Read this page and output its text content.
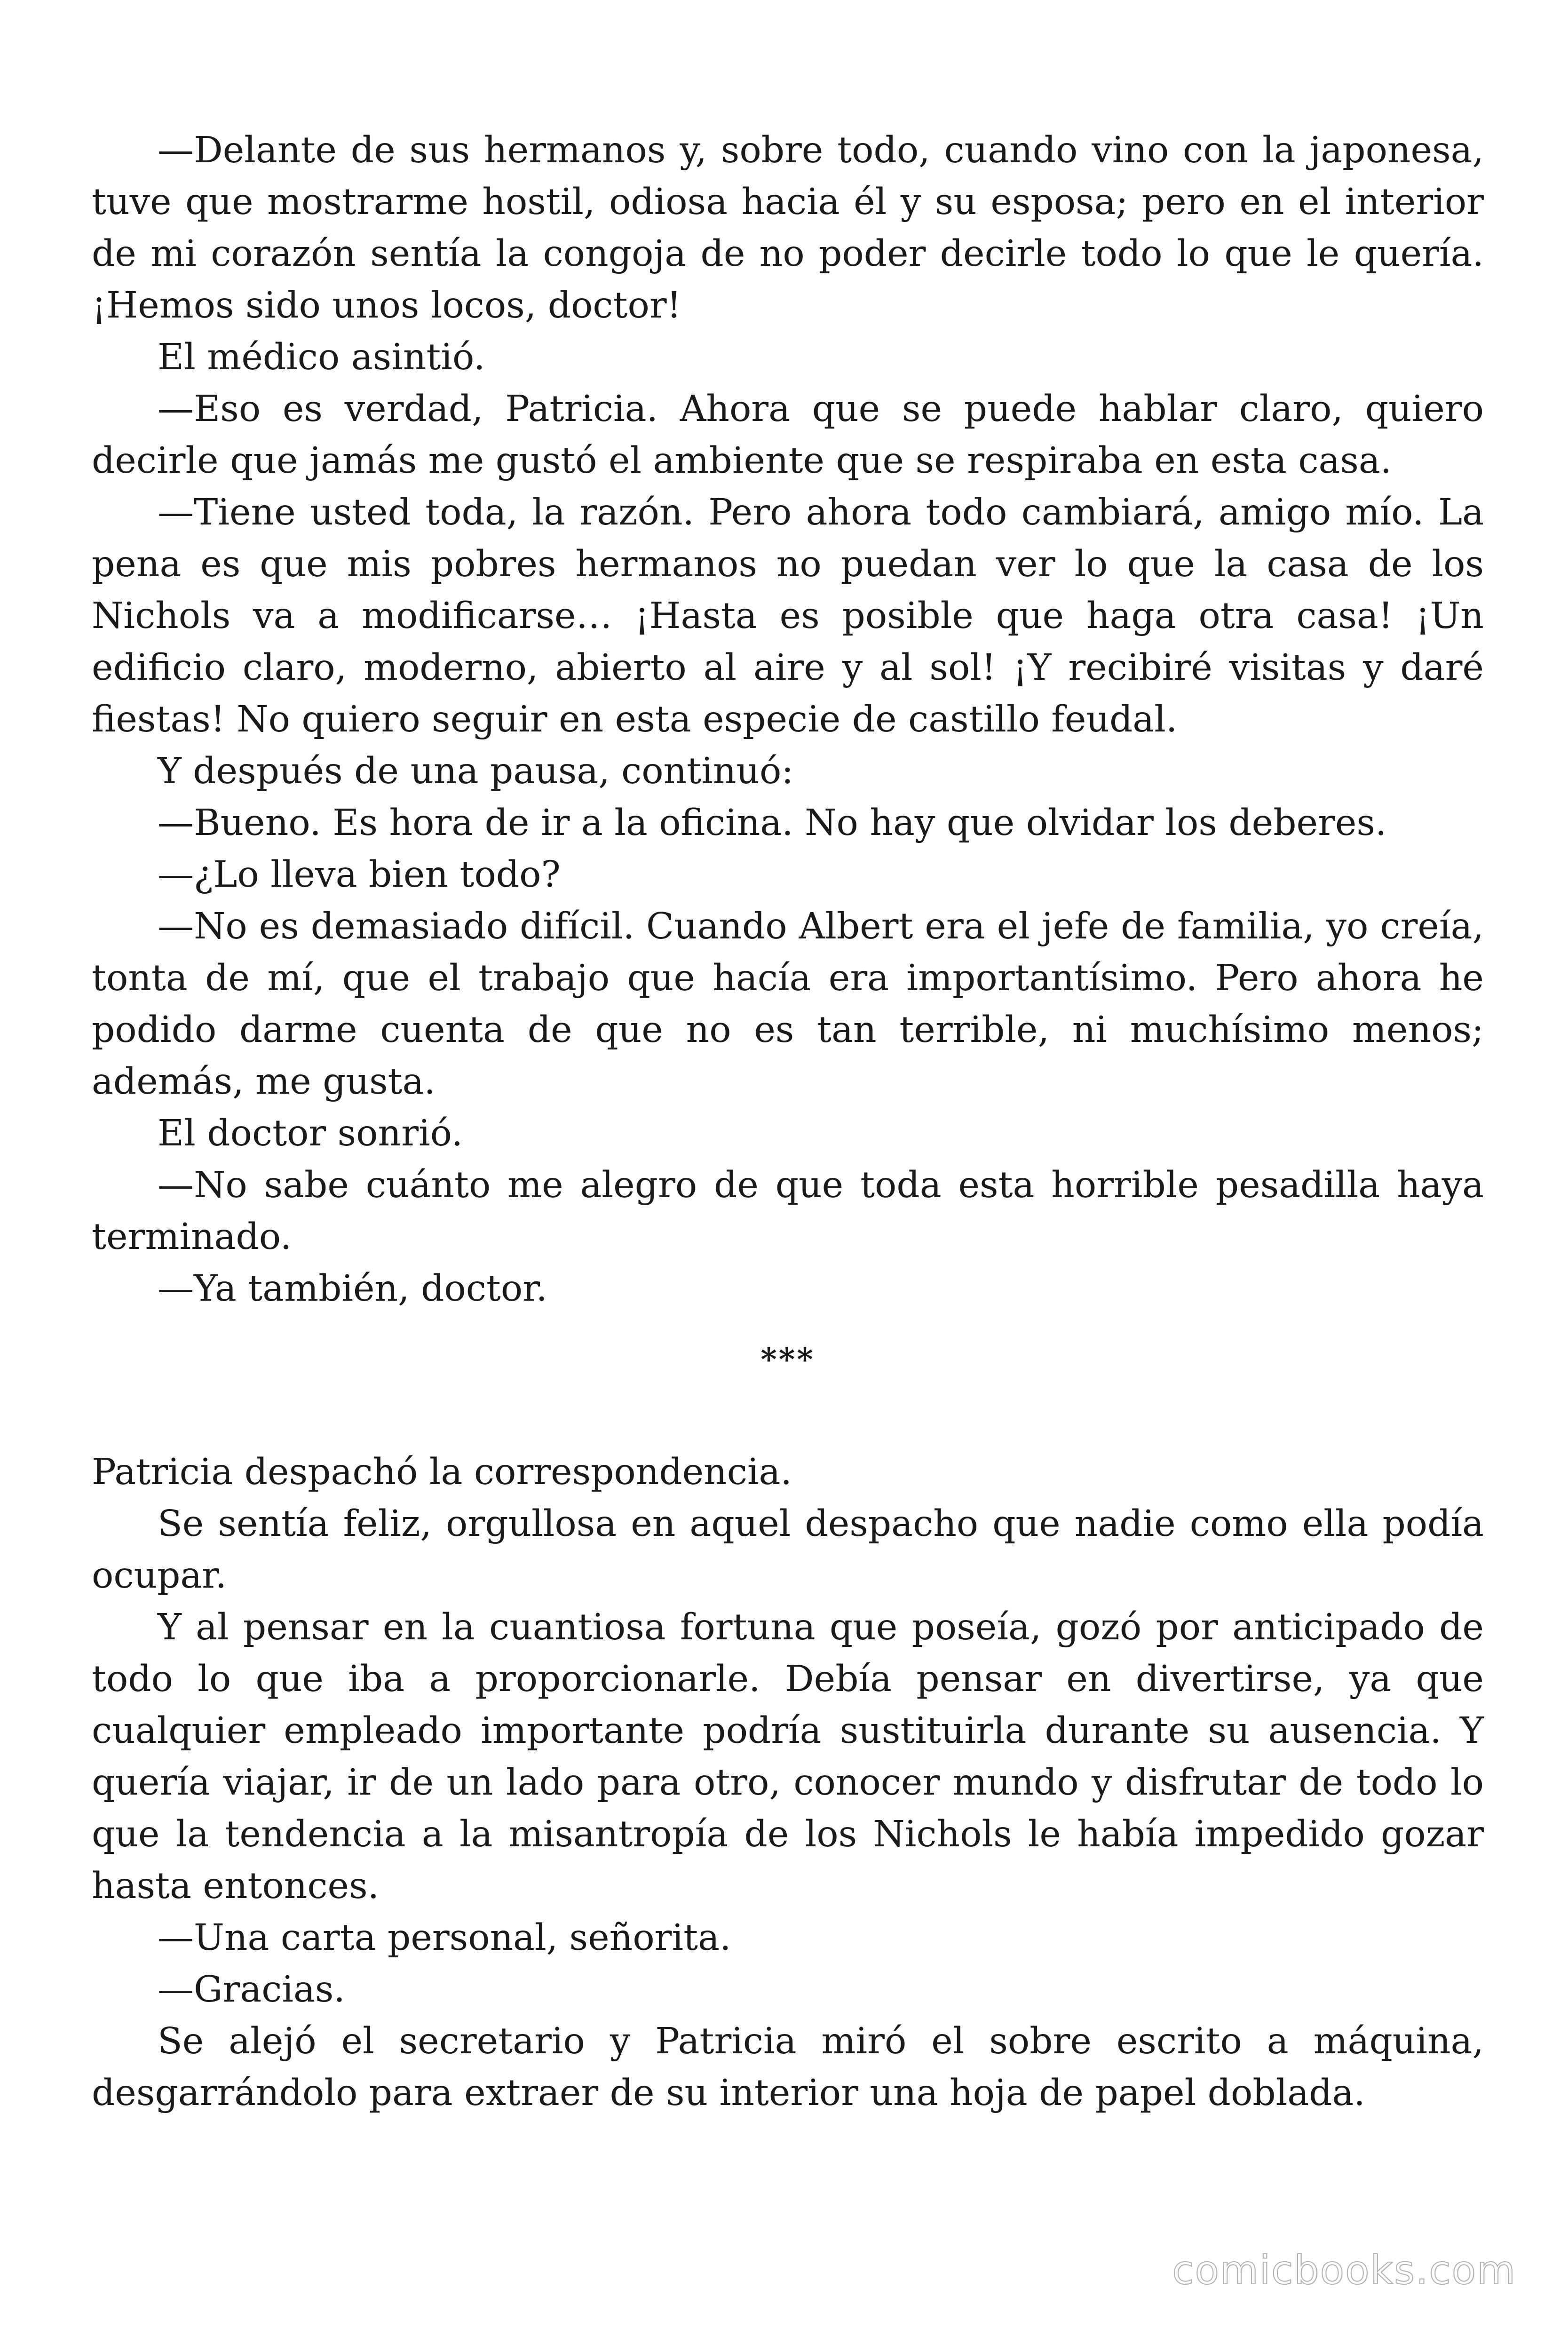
—Delante de sus hermanos y, sobre todo, cuando vino con la japonesa, tuve que mostrarme hostil, odiosa hacia él y su esposa; pero en el interior de mi corazón sentía la congoja de no poder decirle todo lo que le quería. ¡Hemos sido unos locos, doctor!

El médico asintió.

—Eso es verdad, Patricia. Ahora que se puede hablar claro, quiero decirle que jamás me gustó el ambiente que se respiraba en esta casa.

—Tiene usted toda, la razón. Pero ahora todo cambiará, amigo mío. La pena es que mis pobres hermanos no puedan ver lo que la casa de los Nichols va a modificarse… ¡Hasta es posible que haga otra casa! ¡Un edificio claro, moderno, abierto al aire y al sol! ¡Y recibiré visitas y daré fiestas! No quiero seguir en esta especie de castillo feudal.

Y después de una pausa, continuó:

—Bueno. Es hora de ir a la oficina. No hay que olvidar los deberes.

—¿Lo lleva bien todo?

—No es demasiado difícil. Cuando Albert era el jefe de familia, yo creía, tonta de mí, que el trabajo que hacía era importantísimo. Pero ahora he podido darme cuenta de que no es tan terrible, ni muchísimo menos; además, me gusta.

El doctor sonrió.

—No sabe cuánto me alegro de que toda esta horrible pesadilla haya terminado.

—Ya también, doctor.

***

Patricia despachó la correspondencia.

Se sentía feliz, orgullosa en aquel despacho que nadie como ella podía ocupar.

Y al pensar en la cuantiosa fortuna que poseía, gozó por anticipado de todo lo que iba a proporcionarle. Debía pensar en divertirse, ya que cualquier empleado importante podría sustituirla durante su ausencia. Y quería viajar, ir de un lado para otro, conocer mundo y disfrutar de todo lo que la tendencia a la misantropía de los Nichols le había impedido gozar hasta entonces.

—Una carta personal, señorita.

—Gracias.

Se alejó el secretario y Patricia miró el sobre escrito a máquina, desgarrándolo para extraer de su interior una hoja de papel doblada.

comicbooks.com
